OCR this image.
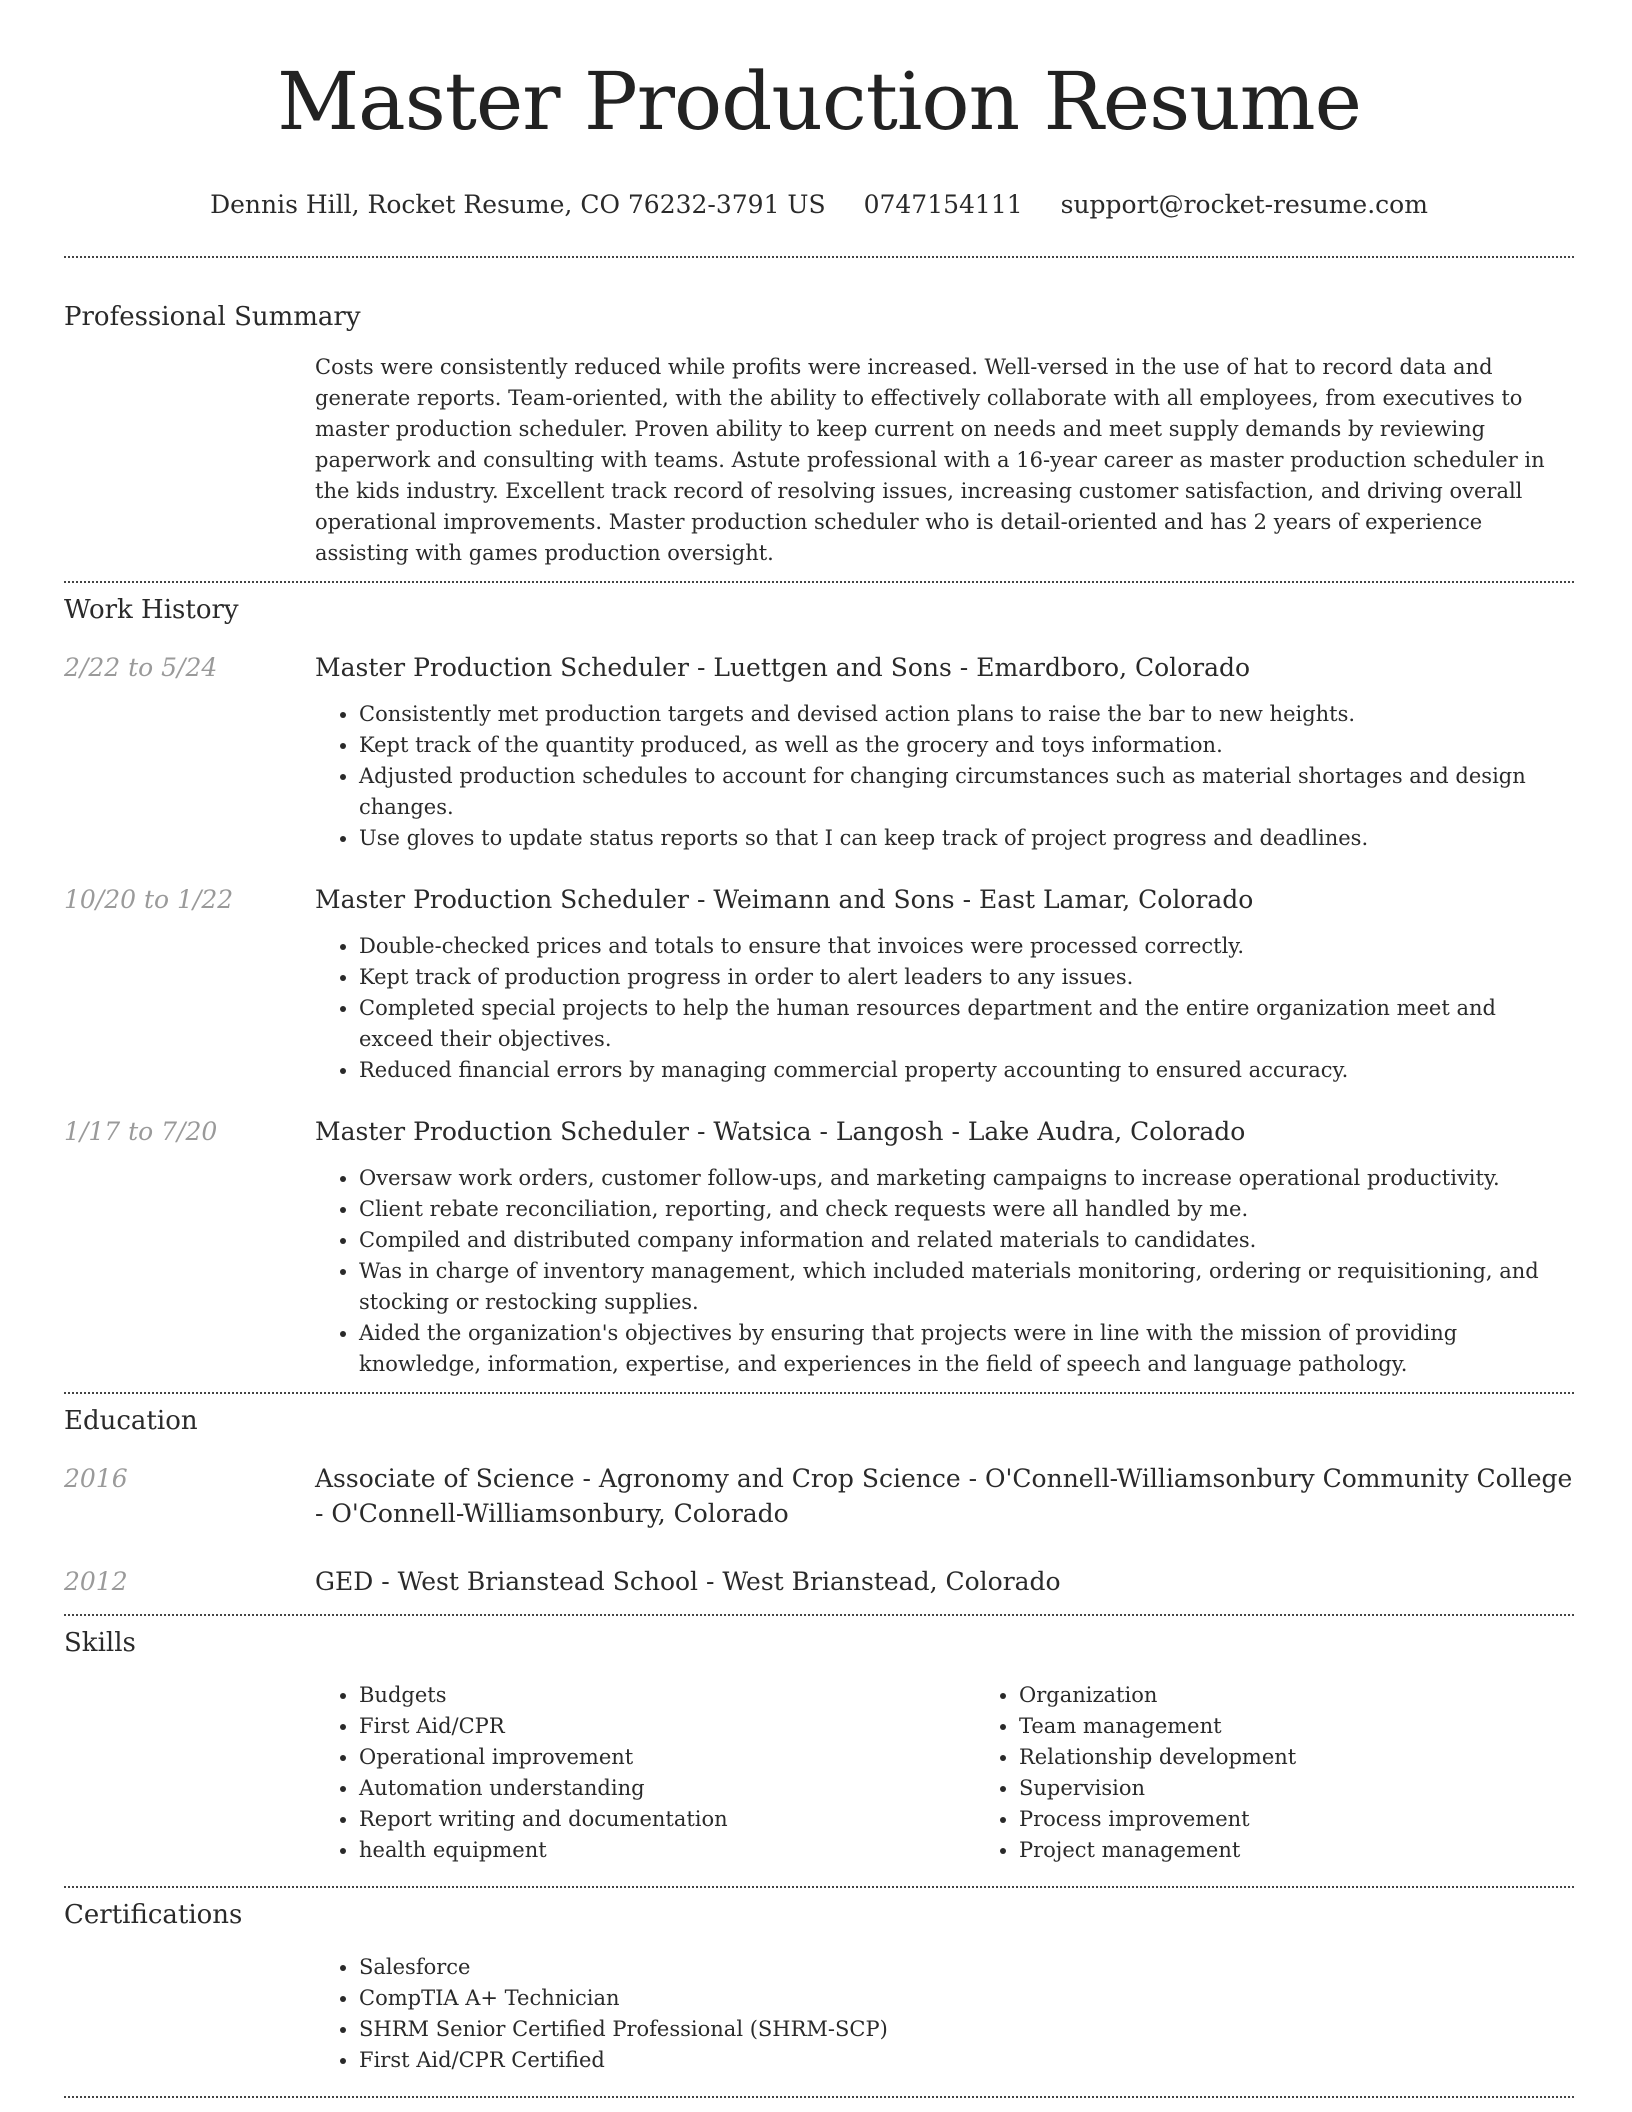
Master Production Resume
Dennis Hill, Rocket Resume, CO 76232-3791 US 0747154111 support@rocket-resume.com
Professional Summary
Costs were consistently reduced while profits were increased. Well-versed in the use of hat to record data and generate reports. Team-oriented, with the ability to effectively collaborate with all employees, from executives to master production scheduler. Proven ability to keep current on needs and meet supply demands by reviewing paperwork and consulting with teams. Astute professional with a 16-year career as master production scheduler in the kids industry. Excellent track record of resolving issues, increasing customer satisfaction, and driving overall operational improvements. Master production scheduler who is detail-oriented and has 2 years of experience assisting with games production oversight.
Work History
2/22 to 5/24	Master Production Scheduler - Luettgen and Sons - Emardboro, Colorado
• Consistently met production targets and devised action plans to raise the bar to new heights.
• Kept track of the quantity produced, as well as the grocery and toys information.
• Adjusted production schedules to account for changing circumstances such as material shortages and design changes.
• Use gloves to update status reports so that I can keep track of project progress and deadlines.
10/20 to 1/22	Master Production Scheduler - Weimann and Sons - East Lamar, Colorado
• Double-checked prices and totals to ensure that invoices were processed correctly.
• Kept track of production progress in order to alert leaders to any issues.
• Completed special projects to help the human resources department and the entire organization meet and exceed their objectives.
• Reduced financial errors by managing commercial property accounting to ensured accuracy.
1/17 to 7/20	Master Production Scheduler - Watsica - Langosh - Lake Audra, Colorado
• Oversaw work orders, customer follow-ups, and marketing campaigns to increase operational productivity.
• Client rebate reconciliation, reporting, and check requests were all handled by me.
• Compiled and distributed company information and related materials to candidates.
• Was in charge of inventory management, which included materials monitoring, ordering or requisitioning, and stocking or restocking supplies.
• Aided the organization's objectives by ensuring that projects were in line with the mission of providing knowledge, information, expertise, and experiences in the field of speech and language pathology.
Education
2016	Associate of Science - Agronomy and Crop Science - O'Connell-Williamsonbury Community College - O'Connell-Williamsonbury, Colorado
2012	GED - West Brianstead School - West Brianstead, Colorado
Skills
• Budgets
• First Aid/CPR
• Operational improvement
• Automation understanding
• Report writing and documentation
• health equipment
• Organization
• Team management
• Relationship development
• Supervision
• Process improvement
• Project management
Certifications
• Salesforce
• CompTIA A+ Technician
• SHRM Senior Certified Professional (SHRM-SCP)
• First Aid/CPR Certified
